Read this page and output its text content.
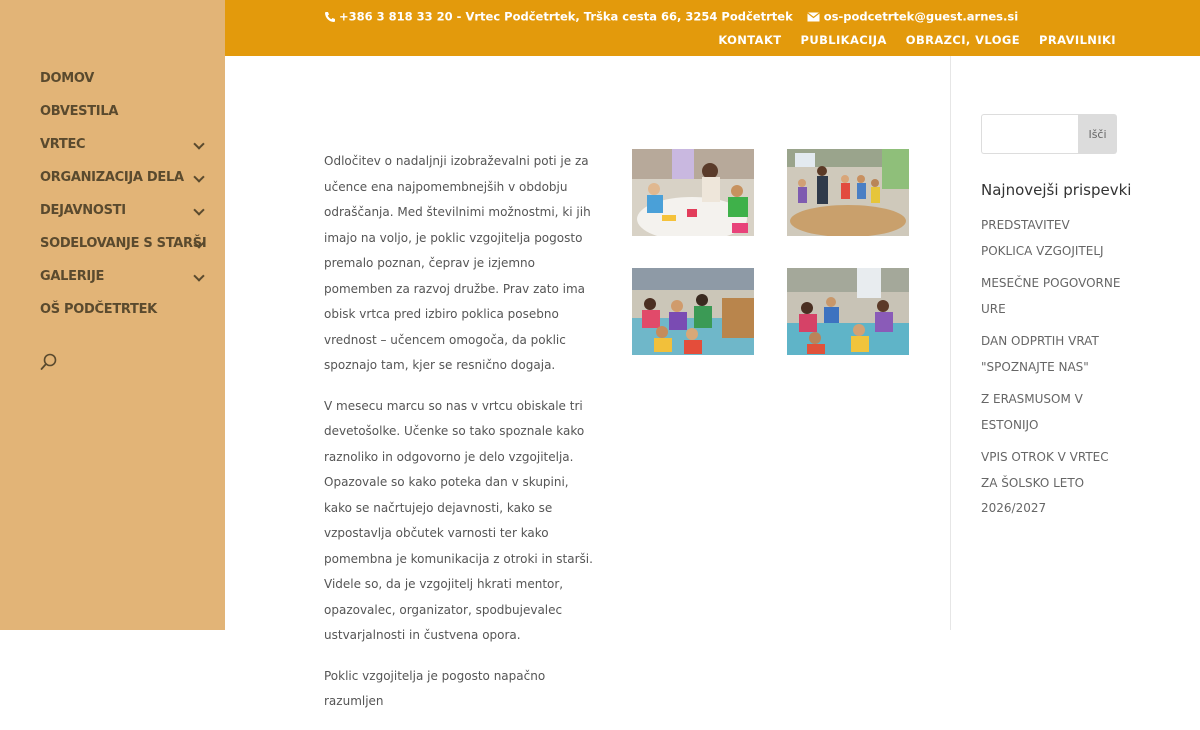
DOMOV
OBVESTILA
VRTEC
ORGANIZACIJA DELA
DEJAVNOSTI
SODELOVANJE S STARŠI
GALERIJE
OŠ PODČETRTEK
+386 3 818 33 20 - Vrtec Podčetrtek, Trška cesta 66, 3254 Podčetrtek	os-podcetrtek@guest.arnes.si
KONTAKT PUBLIKACIJA OBRAZCI, VLOGE PRAVILNIKI

Odločitev o nadaljnji izobraževalni poti je za učence ena najpomembnejših v obdobju odraščanja. Med številnimi možnostmi, ki jih imajo na voljo, je poklic vzgojitelja pogosto premalo poznan, čeprav je izjemno pomemben za razvoj družbe. Prav zato ima obisk vrtca pred izbiro poklica posebno vrednost – učencem omogoča, da poklic spoznajo tam, kjer se resnično dogaja.

V mesecu marcu so nas v vrtcu obiskale tri devetošolke. Učenke so tako spoznale kako raznoliko in odgovorno je delo vzgojitelja. Opazovale so kako poteka dan v skupini, kako se načrtujejo dejavnosti, kako se vzpostavlja občutek varnosti ter kako pomembna je komunikacija z otroki in starši. Videle so, da je vzgojitelj hkrati mentor, opazovalec, organizator, spodbujevalec ustvarjalnosti in čustvena opora.

Poklic vzgojitelja je pogosto napačno razumljen

Išči
Najnovejši prispevki
PREDSTAVITEV POKLICA VZGOJITELJ
MESEČNE POGOVORNE URE
DAN ODPRTIH VRAT "SPOZNAJTE NAS"
Z ERASMUSOM V ESTONIJO
VPIS OTROK V VRTEC ZA ŠOLSKO LETO 2026/2027
